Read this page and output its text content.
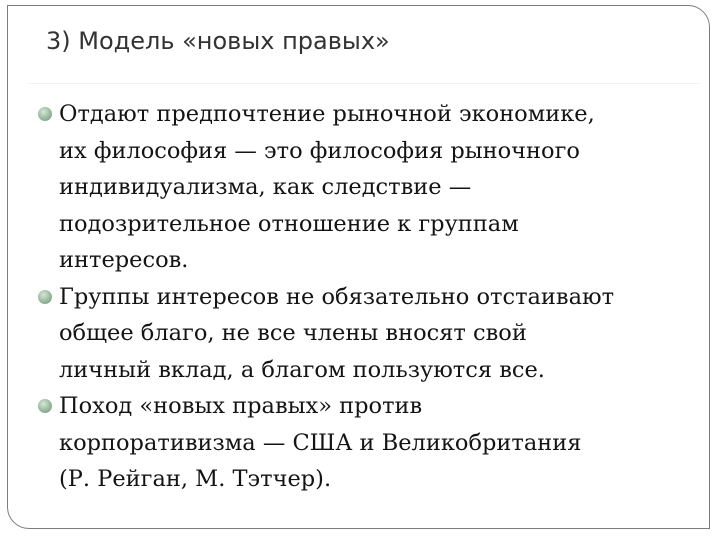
3) Модель «новых правых»
Отдают предпочтение рыночной экономике,
их философия — это философия рыночного
индивидуализма, как следствие —
подозрительное отношение к группам
интересов.
Группы интересов не обязательно отстаивают
общее благо, не все члены вносят свой
личный вклад, а благом пользуются все.
Поход «новых правых» против
корпоративизма — США и Великобритания
(Р. Рейган, М. Тэтчер).
